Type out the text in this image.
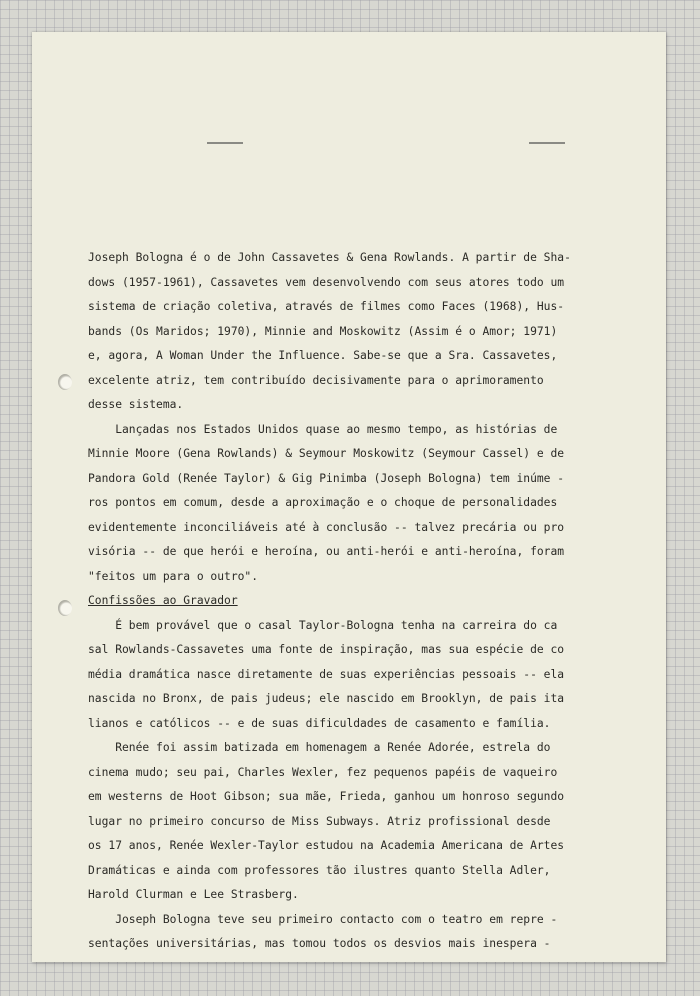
Joseph Bologna é o de John Cassavetes & Gena Rowlands. A partir de Sha-
dows (1957-1961), Cassavetes vem desenvolvendo com seus atores todo um
sistema de criação coletiva, através de filmes como Faces (1968), Hus-
bands (Os Maridos; 1970), Minnie and Moskowitz (Assim é o Amor; 1971)
e, agora, A Woman Under the Influence. Sabe-se que a Sra. Cassavetes,
excelente atriz, tem contribuído decisivamente para o aprimoramento
desse sistema.
Lançadas nos Estados Unidos quase ao mesmo tempo, as histórias de
Minnie Moore (Gena Rowlands) & Seymour Moskowitz (Seymour Cassel) e de
Pandora Gold (Renée Taylor) & Gig Pinimba (Joseph Bologna) tem inúme -
ros pontos em comum, desde a aproximação e o choque de personalidades
evidentemente inconciliáveis até à conclusão -- talvez precária ou pro
visória -- de que herói e heroína, ou anti-herói e anti-heroína, foram
"feitos um para o outro".
Confissões ao Gravador
É bem provável que o casal Taylor-Bologna tenha na carreira do ca
sal Rowlands-Cassavetes uma fonte de inspiração, mas sua espécie de co
média dramática nasce diretamente de suas experiências pessoais -- ela
nascida no Bronx, de pais judeus; ele nascido em Brooklyn, de pais ita
lianos e católicos -- e de suas dificuldades de casamento e família.
Renée foi assim batizada em homenagem a Renée Adorée, estrela do
cinema mudo; seu pai, Charles Wexler, fez pequenos papéis de vaqueiro
em westerns de Hoot Gibson; sua mãe, Frieda, ganhou um honroso segundo
lugar no primeiro concurso de Miss Subways. Atriz profissional desde
os 17 anos, Renée Wexler-Taylor estudou na Academia Americana de Artes
Dramáticas e ainda com professores tão ilustres quanto Stella Adler,
Harold Clurman e Lee Strasberg.
Joseph Bologna teve seu primeiro contacto com o teatro em repre -
sentações universitárias, mas tomou todos os desvios mais inespera -
